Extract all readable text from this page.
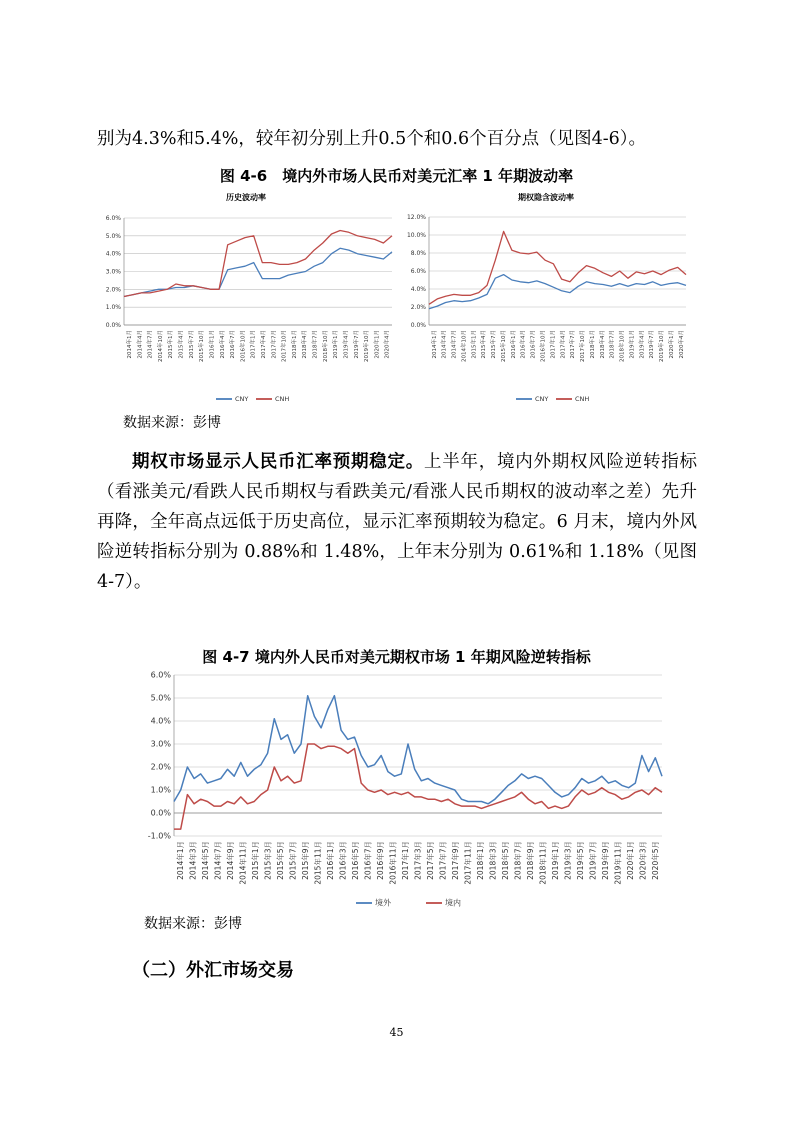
别为4.3%和5.4%，较年初分别上升0.5个和0.6个百分点（见图4-6）。
图 4-6　境内外市场人民币对美元汇率 1 年期波动率
历史波动率
0.0%
1.0%
2.0%
3.0%
4.0%
5.0%
6.0%
2014年1月 2014年4月 2014年7月 2014年10月 2015年1月 2015年4月 2015年7月 2015年10月 2016年1月 2016年4月 2016年7月 2016年10月 2017年1月 2017年4月 2017年7月 2017年10月 2018年1月 2018年4月 2018年7月 2018年10月 2019年1月 2019年4月 2019年7月 2019年10月 2020年1月 2020年4月
CNY	CNH
期权隐含波动率
0.0%
2.0%
4.0%
6.0%
8.0%
10.0%
12.0%
2014年1月 2014年4月 2014年7月 2014年10月 2015年1月 2015年4月 2015年7月 2015年10月 2016年1月 2016年4月 2016年7月 2016年10月 2017年1月 2017年4月 2017年7月 2017年10月 2018年1月 2018年4月 2018年7月 2018年10月 2019年1月 2019年4月 2019年7月 2019年10月 2020年1月 2020年4月
CNY	CNH
数据来源：彭博
期权市场显示人民币汇率预期稳定。上半年，境内外期权风险逆转指标（看涨美元/看跌人民币期权与看跌美元/看涨人民币期权的波动率之差）先升再降，全年高点远低于历史高位，显示汇率预期较为稳定。6 月末，境内外风险逆转指标分别为 0.88%和 1.48%，上年末分别为 0.61%和 1.18%（见图 4-7）。
图 4-7 境内外人民币对美元期权市场 1 年期风险逆转指标
-1.0%
0.0%
1.0%
2.0%
3.0%
4.0%
5.0%
6.0%
2014年1月 2014年3月 2014年5月 2014年7月 2014年9月 2014年11月 2015年1月 2015年3月 2015年5月 2015年7月 2015年9月 2015年11月 2016年1月 2016年3月 2016年5月 2016年7月 2016年9月 2016年11月 2017年1月 2017年3月 2017年5月 2017年7月 2017年9月 2017年11月 2018年1月 2018年3月 2018年5月 2018年7月 2018年9月 2018年11月 2019年1月 2019年3月 2019年5月 2019年7月 2019年9月 2019年11月 2020年1月 2020年3月 2020年5月
境外	境内
数据来源：彭博
（二）外汇市场交易
45
